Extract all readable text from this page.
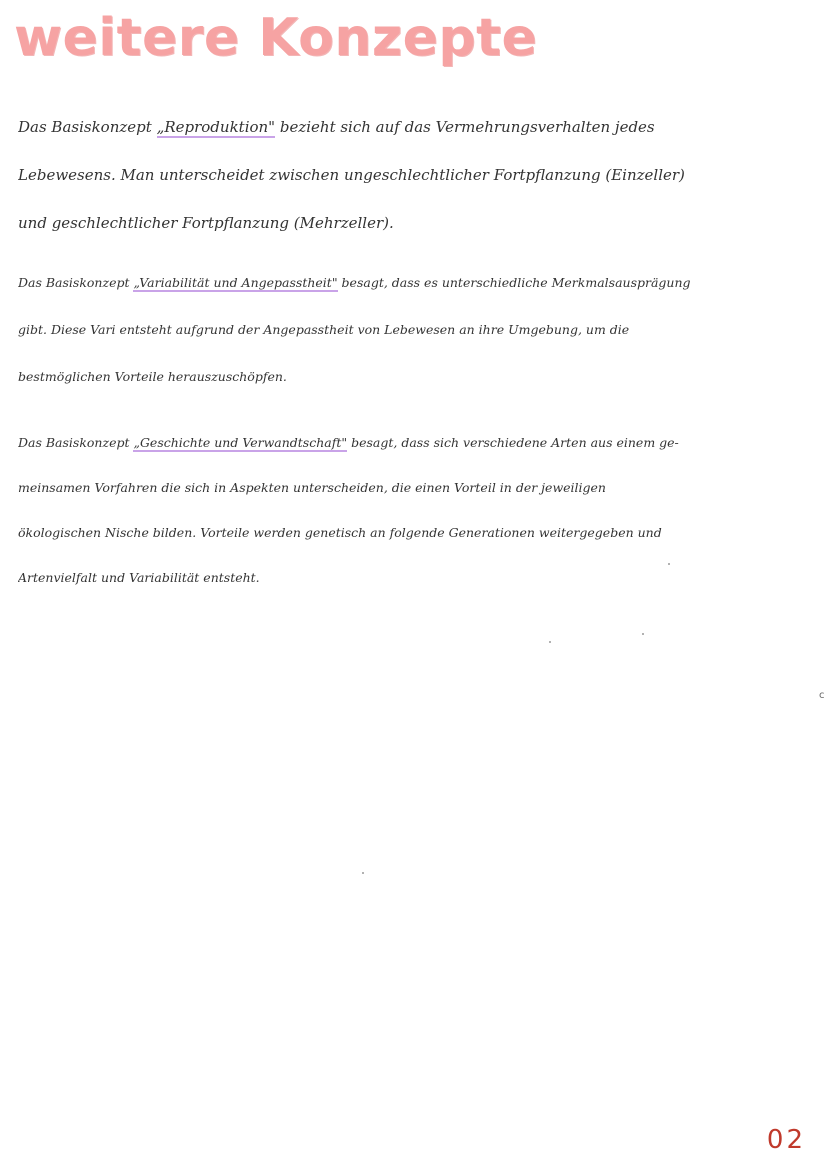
weitere Konzepte
Das Basiskonzept „Reproduktion" bezieht sich auf das Vermehrungsverhalten jedes
Lebewesens. Man unterscheidet zwischen ungeschlechtlicher Fortpflanzung (Einzeller)
und geschlechtlicher Fortpflanzung (Mehrzeller).
Das Basiskonzept „Variabilität und Angepasstheit" besagt, dass es unterschiedliche Merkmalsausprägung
gibt. Diese Vari entsteht aufgrund der Angepasstheit von Lebewesen an ihre Umgebung, um die
bestmöglichen Vorteile herauszuschöpfen.
Das Basiskonzept „Geschichte und Verwandtschaft" besagt, dass sich verschiedene Arten aus einem ge-
meinsamen Vorfahren die sich in Aspekten unterscheiden, die einen Vorteil in der jeweiligen
ökologischen Nische bilden. Vorteile werden genetisch an folgende Generationen weitergegeben und
Artenvielfalt und Variabilität entsteht.
c
02
